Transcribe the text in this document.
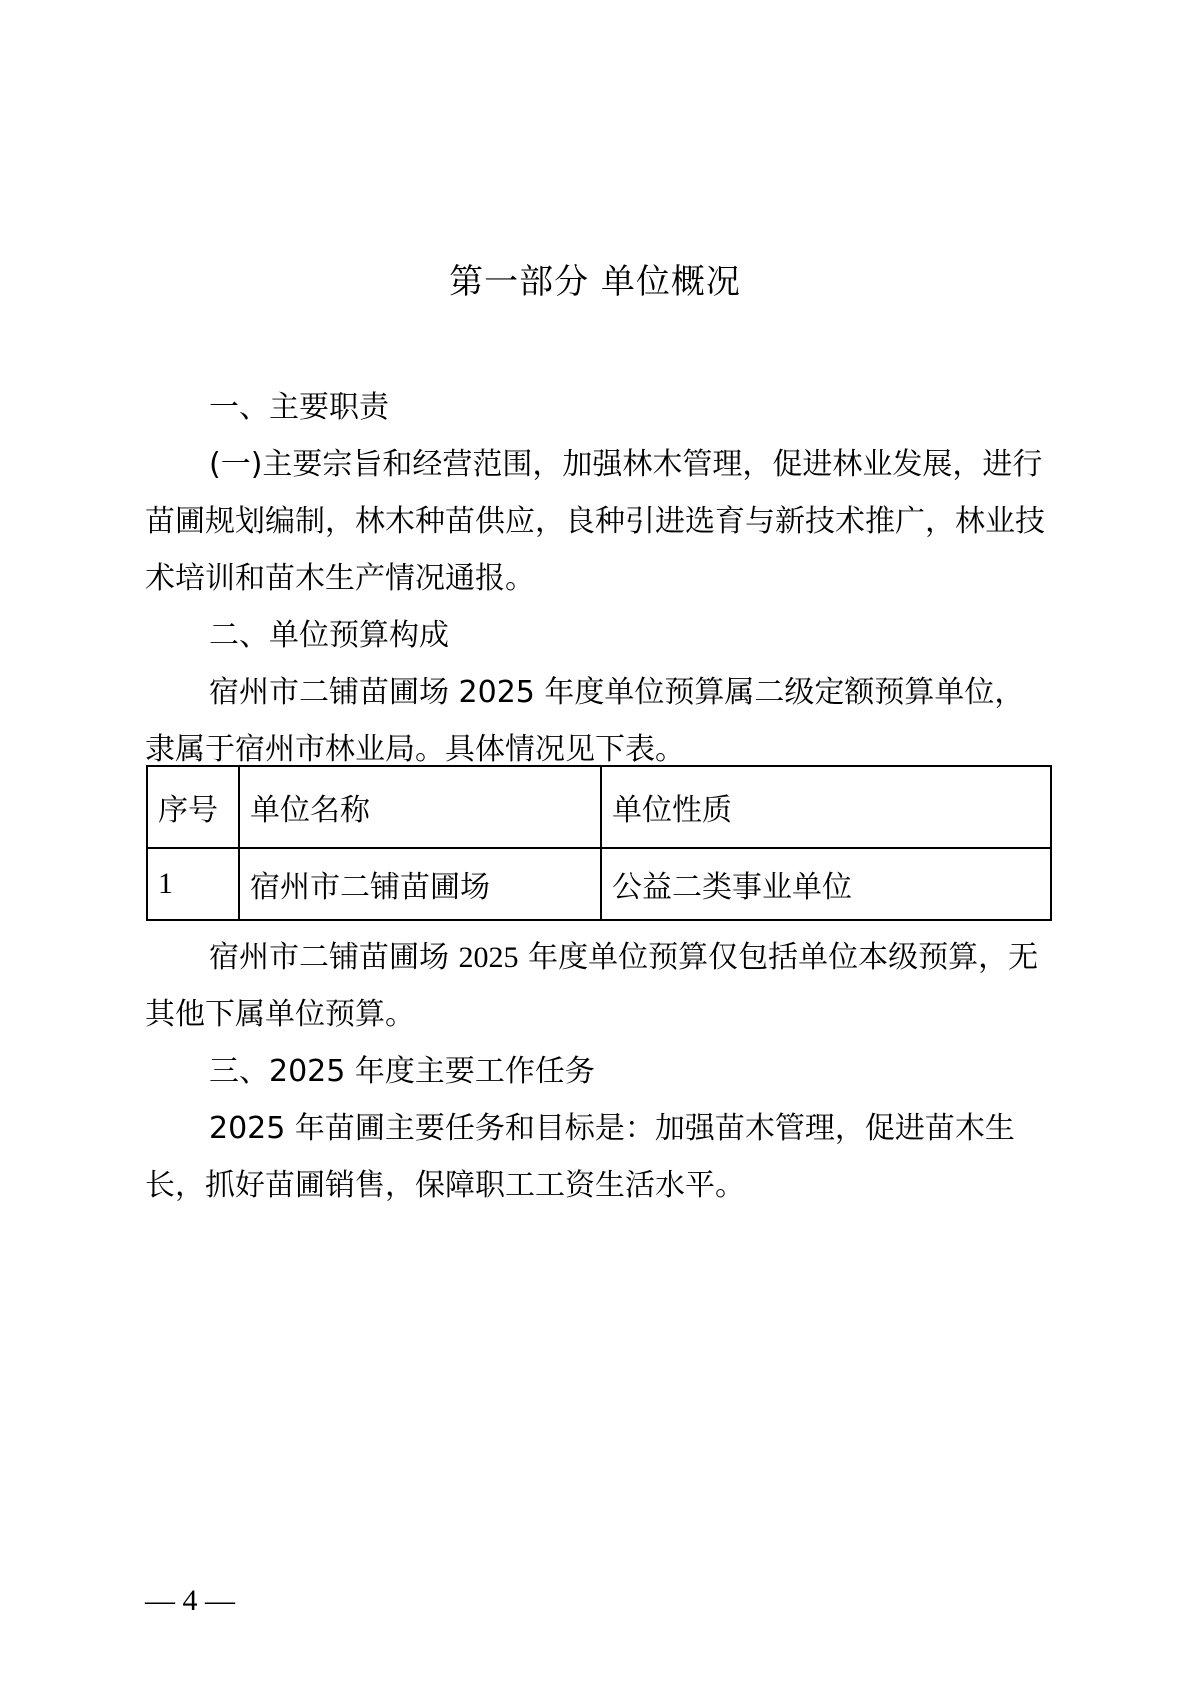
第一部分 单位概况

一、主要职责

(一)主要宗旨和经营范围，加强林木管理，促进林业发展，进行苗圃规划编制，林木种苗供应，良种引进选育与新技术推广，林业技术培训和苗木生产情况通报。

二、单位预算构成

宿州市二铺苗圃场 2025 年度单位预算属二级定额预算单位，隶属于宿州市林业局。具体情况见下表。

序号	单位名称	单位性质
1	宿州市二铺苗圃场	公益二类事业单位

宿州市二铺苗圃场 2025 年度单位预算仅包括单位本级预算，无其他下属单位预算。

三、2025 年度主要工作任务

2025 年苗圃主要任务和目标是：加强苗木管理，促进苗木生长，抓好苗圃销售，保障职工工资生活水平。

— 4 —
